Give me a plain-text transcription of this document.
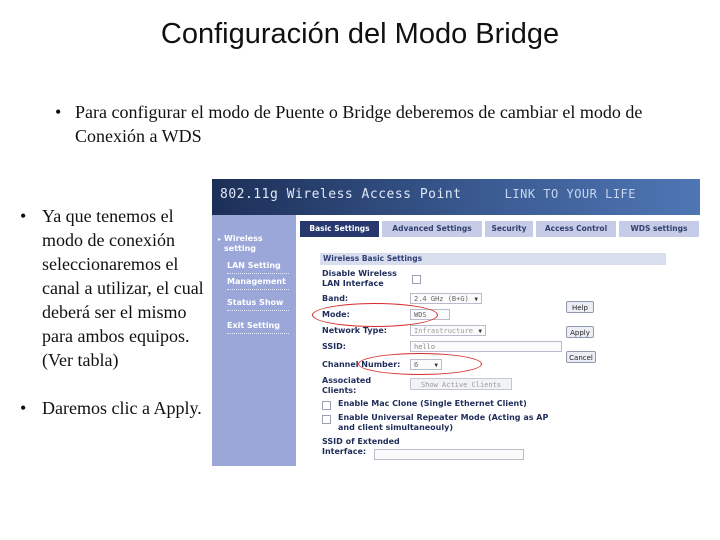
Configuración del Modo Bridge
• Para configurar el modo de Puente o Bridge deberemos de cambiar el modo de Conexión a WDS
• Ya que tenemos el modo de conexión seleccionaremos el canal a utilizar, el cual deberá ser el mismo para ambos equipos. (Ver tabla)
• Daremos clic a Apply.
802.11g Wireless Access Point	LINK TO YOUR LIFE
▸ Wireless setting
LAN Setting
Management
Status Show
Exit Setting
Basic Settings	Advanced Settings	Security	Access Control	WDS settings
Wireless Basic Settings
Disable Wireless LAN Interface
Band:	2.4 GHz (B+G) ▼
Mode:	WDS
Network Type:	Infrastructure ▼
SSID:	hello
Channel Number:	6	▼
Associated Clients:
Show Active Clients
Enable Mac Clone (Single Ethernet Client)
Enable Universal Repeater Mode (Acting as AP and client simultaneouly)
SSID of Extended Interface:
Help
Apply
Cancel
